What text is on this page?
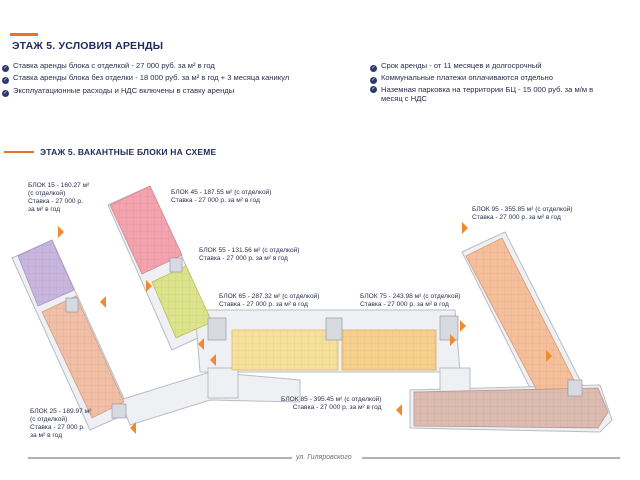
ЭТАЖ 5. УСЛОВИЯ АРЕНДЫ
✓ Ставка аренды блока с отделкой - 27 000 руб. за м² в год
✓ Ставка аренды блока без отделки - 18 000 руб. за м² в год + 3 месяца каникул
✓ Эксплуатационные расходы и НДС включены в ставку аренды
✓ Срок аренды - от 11 месяцев и долгосрочный
✓ Коммунальные платежи оплачиваются отдельно
✓ Наземная парковка на территории БЦ - 15 000 руб. за м/м в месяц с НДС
ЭТАЖ 5. ВАКАНТНЫЕ БЛОКИ НА СХЕМЕ
БЛОК 15 - 160.27 м²
(с отделкой)
Ставка - 27 000 р.
за м² в год
БЛОК 45 - 187.55 м² (с отделкой)
Ставка - 27 000 р. за м² в год
БЛОК 55 - 131.56 м² (с отделкой)
Ставка - 27 000 р. за м² в год
БЛОК 65 - 287.32 м² (с отделкой)
Ставка - 27 000 р. за м² в год
БЛОК 75 - 243.98 м² (с отделкой)
Ставка - 27 000 р. за м² в год
БЛОК 95 - 355.85 м² (с отделкой)
Ставка - 27 000 р. за м² в год
БЛОК 85 - 395.45 м² (с отделкой)
Ставка - 27 000 р. за м² в год
БЛОК 25 - 189.97 м²
(с отделкой)
Ставка - 27 000 р.
за м² в год
ул. Гиляровского
